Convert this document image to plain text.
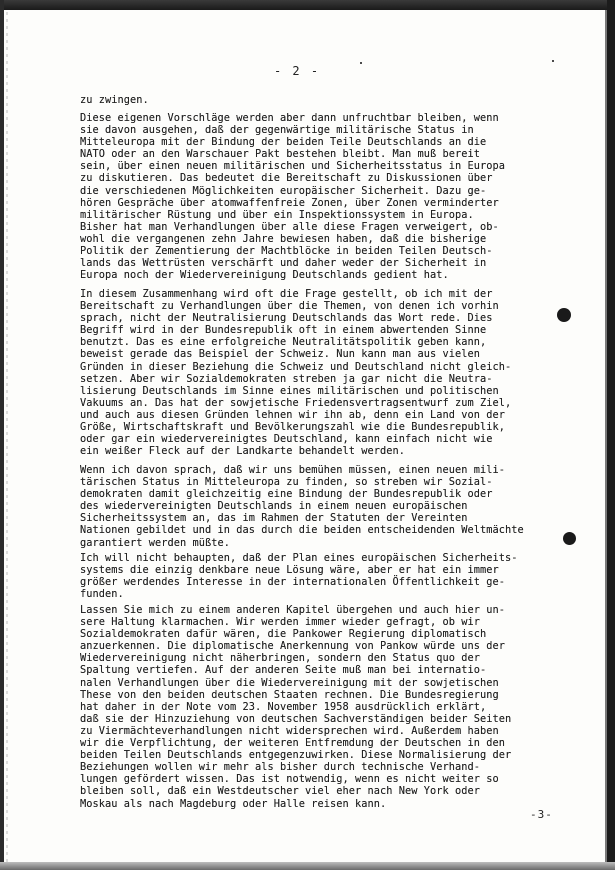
- 2 -
zu zwingen.
Diese eigenen Vorschläge werden aber dann unfruchtbar bleiben, wenn
sie davon ausgehen, daß der gegenwärtige militärische Status in
Mitteleuropa mit der Bindung der beiden Teile Deutschlands an die
NATO oder an den Warschauer Pakt bestehen bleibt. Man muß bereit
sein, über einen neuen militärischen und Sicherheitsstatus in Europa
zu diskutieren. Das bedeutet die Bereitschaft zu Diskussionen über
die verschiedenen Möglichkeiten europäischer Sicherheit. Dazu ge-
hören Gespräche über atomwaffenfreie Zonen, über Zonen verminderter
militärischer Rüstung und über ein Inspektionssystem in Europa.
Bisher hat man Verhandlungen über alle diese Fragen verweigert, ob-
wohl die vergangenen zehn Jahre bewiesen haben, daß die bisherige
Politik der Zementierung der Machtblöcke in beiden Teilen Deutsch-
lands das Wettrüsten verschärft und daher weder der Sicherheit in
Europa noch der Wiedervereinigung Deutschlands gedient hat.
In diesem Zusammenhang wird oft die Frage gestellt, ob ich mit der
Bereitschaft zu Verhandlungen über die Themen, von denen ich vorhin
sprach, nicht der Neutralisierung Deutschlands das Wort rede. Dies
Begriff wird in der Bundesrepublik oft in einem abwertenden Sinne
benutzt. Das es eine erfolgreiche Neutralitätspolitik geben kann,
beweist gerade das Beispiel der Schweiz. Nun kann man aus vielen
Gründen in dieser Beziehung die Schweiz und Deutschland nicht gleich-
setzen. Aber wir Sozialdemokraten streben ja gar nicht die Neutra-
lisierung Deutschlands im Sinne eines militärischen und politischen
Vakuums an. Das hat der sowjetische Friedensvertragsentwurf zum Ziel,
und auch aus diesen Gründen lehnen wir ihn ab, denn ein Land von der
Größe, Wirtschaftskraft und Bevölkerungszahl wie die Bundesrepublik,
oder gar ein wiedervereinigtes Deutschland, kann einfach nicht wie
ein weißer Fleck auf der Landkarte behandelt werden.
Wenn ich davon sprach, daß wir uns bemühen müssen, einen neuen mili-
tärischen Status in Mitteleuropa zu finden, so streben wir Sozial-
demokraten damit gleichzeitig eine Bindung der Bundesrepublik oder
des wiedervereinigten Deutschlands in einem neuen europäischen
Sicherheitssystem an, das im Rahmen der Statuten der Vereinten
Nationen gebildet und in das durch die beiden entscheidenden Weltmächte
garantiert werden müßte.
Ich will nicht behaupten, daß der Plan eines europäischen Sicherheits-
systems die einzig denkbare neue Lösung wäre, aber er hat ein immer
größer werdendes Interesse in der internationalen Öffentlichkeit ge-
funden.
Lassen Sie mich zu einem anderen Kapitel übergehen und auch hier un-
sere Haltung klarmachen. Wir werden immer wieder gefragt, ob wir
Sozialdemokraten dafür wären, die Pankower Regierung diplomatisch
anzuerkennen. Die diplomatische Anerkennung von Pankow würde uns der
Wiedervereinigung nicht näherbringen, sondern den Status quo der
Spaltung vertiefen. Auf der anderen Seite muß man bei internatio-
nalen Verhandlungen über die Wiedervereinigung mit der sowjetischen
These von den beiden deutschen Staaten rechnen. Die Bundesregierung
hat daher in der Note vom 23. November 1958 ausdrücklich erklärt,
daß sie der Hinzuziehung von deutschen Sachverständigen beider Seiten
zu Viermächteverhandlungen nicht widersprechen wird. Außerdem haben
wir die Verpflichtung, der weiteren Entfremdung der Deutschen in den
beiden Teilen Deutschlands entgegenzuwirken. Diese Normalisierung der
Beziehungen wollen wir mehr als bisher durch technische Verhand-
lungen gefördert wissen. Das ist notwendig, wenn es nicht weiter so
bleiben soll, daß ein Westdeutscher viel eher nach New York oder
Moskau als nach Magdeburg oder Halle reisen kann.
-3-
